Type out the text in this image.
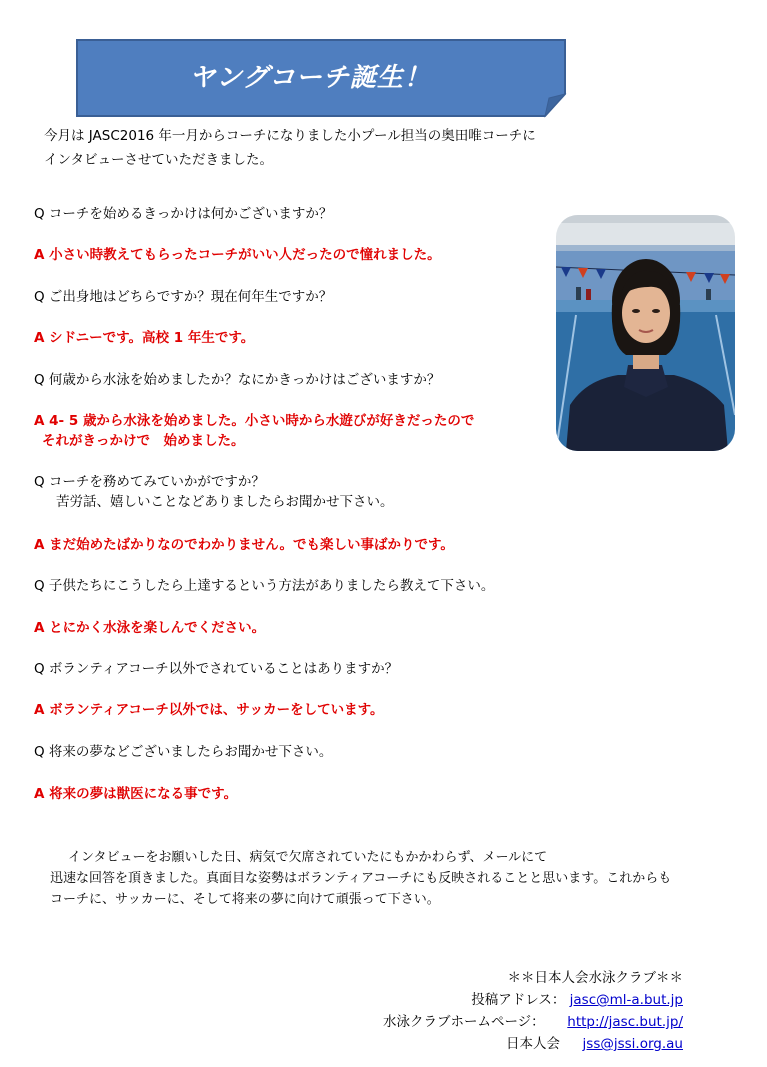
ヤングコーチ誕生！
今月は JASC2016 年一月からコーチになりました小プール担当の奥田唯コーチに
インタビューさせていただきました。
Q コーチを始めるきっかけは何かございますか？
A 小さい時教えてもらったコーチがいい人だったので憧れました。
Q ご出身地はどちらですか？現在何年生ですか？
A シドニーです。高校 1 年生です。
Q 何歳から水泳を始めましたか？なにかきっかけはございますか？
A 4- 5 歳から水泳を始めました。小さい時から水遊びが好きだったので
それがきっかけで　始めました。
Q コーチを務めてみていかがですか？
苦労話、嬉しいことなどありましたらお聞かせ下さい。
A まだ始めたばかりなのでわかりません。でも楽しい事ばかりです。
Q 子供たちにこうしたら上達するという方法がありましたら教えて下さい。
A とにかく水泳を楽しんでください。
Q ボランティアコーチ以外でされていることはありますか？
A ボランティアコーチ以外では、サッカーをしています。
Q 将来の夢などございましたらお聞かせ下さい。
A 将来の夢は獣医になる事です。
インタビューをお願いした日、病気で欠席されていたにもかかわらず、メールにて
迅速な回答を頂きました。真面目な姿勢はボランティアコーチにも反映されることと思います。これからも
コーチに、サッカーに、そして将来の夢に向けて頑張って下さい。
＊＊日本人会水泳クラブ＊＊
投稿アドレス： jasc@ml-a.but.jp
水泳クラブホームページ： http://jasc.but.jp/
日本人会 jss@jssi.org.au
